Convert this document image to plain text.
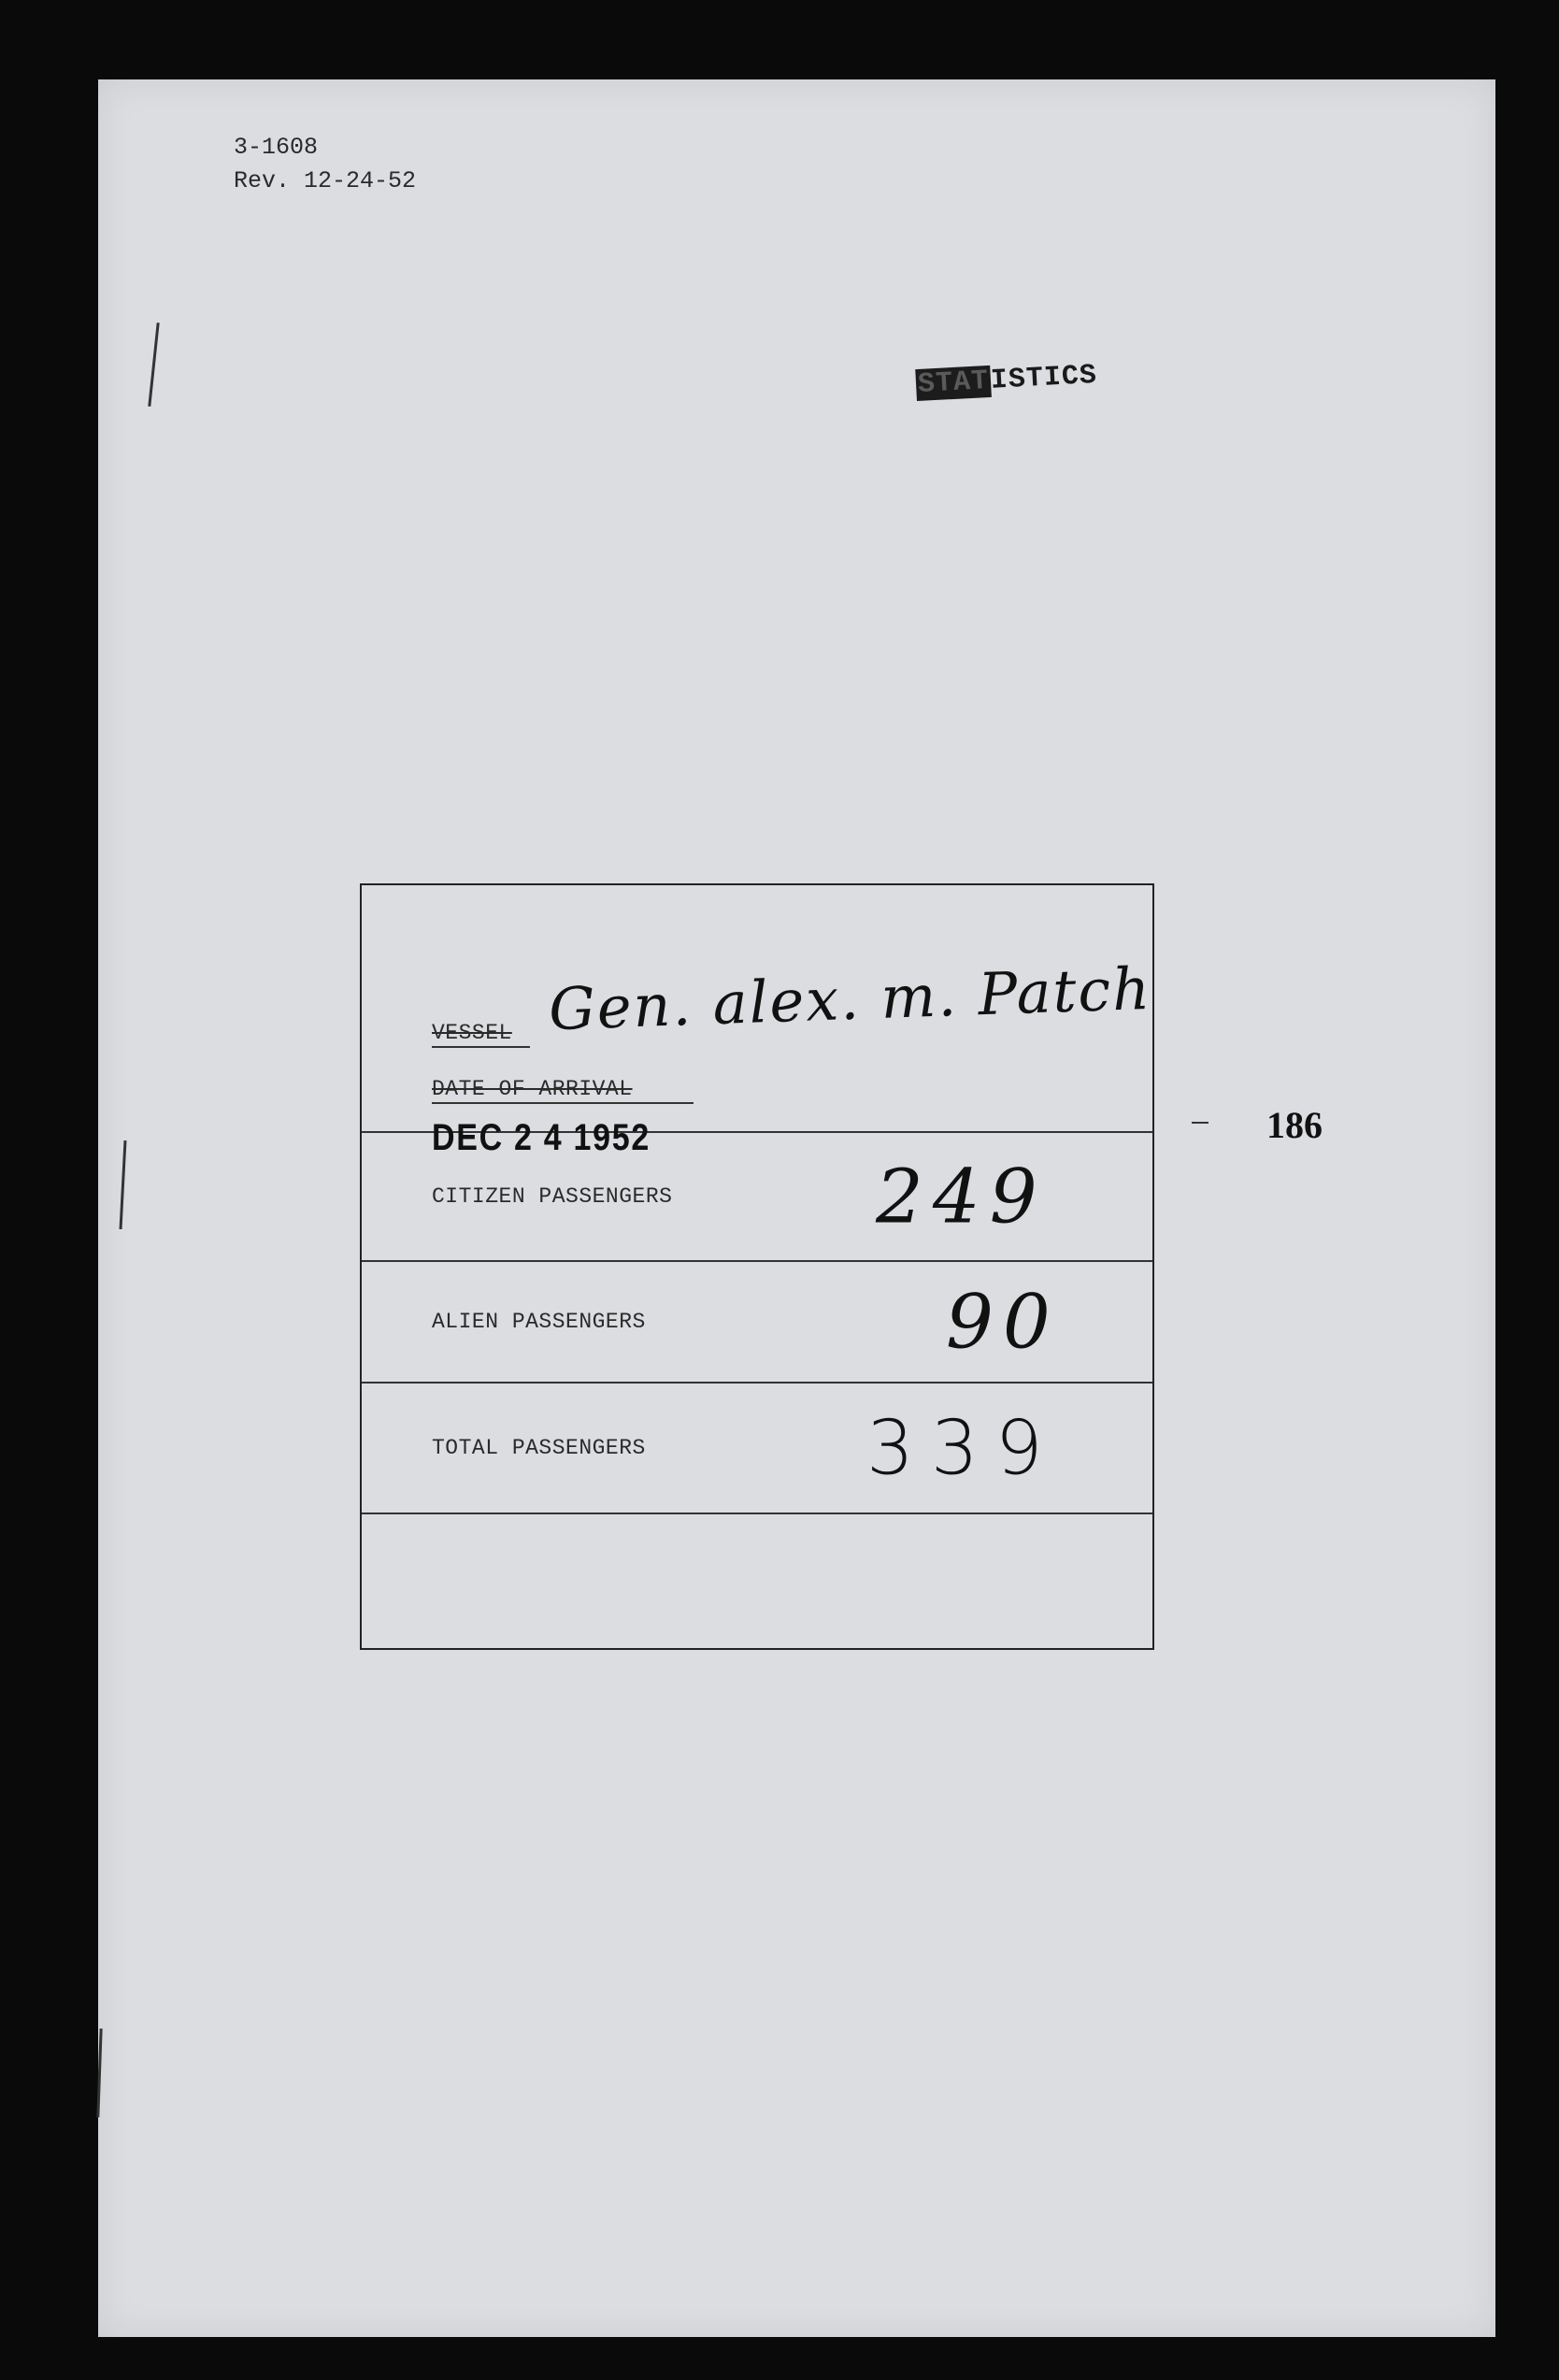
3-1608
Rev. 12-24-52
STATISTICS
186
VESSEL Gen. alex. m. Patch
DATE OF ARRIVAL
DEC 2 4 1952
CITIZEN PASSENGERS	249
ALIEN PASSENGERS	90
TOTAL PASSENGERS	339
